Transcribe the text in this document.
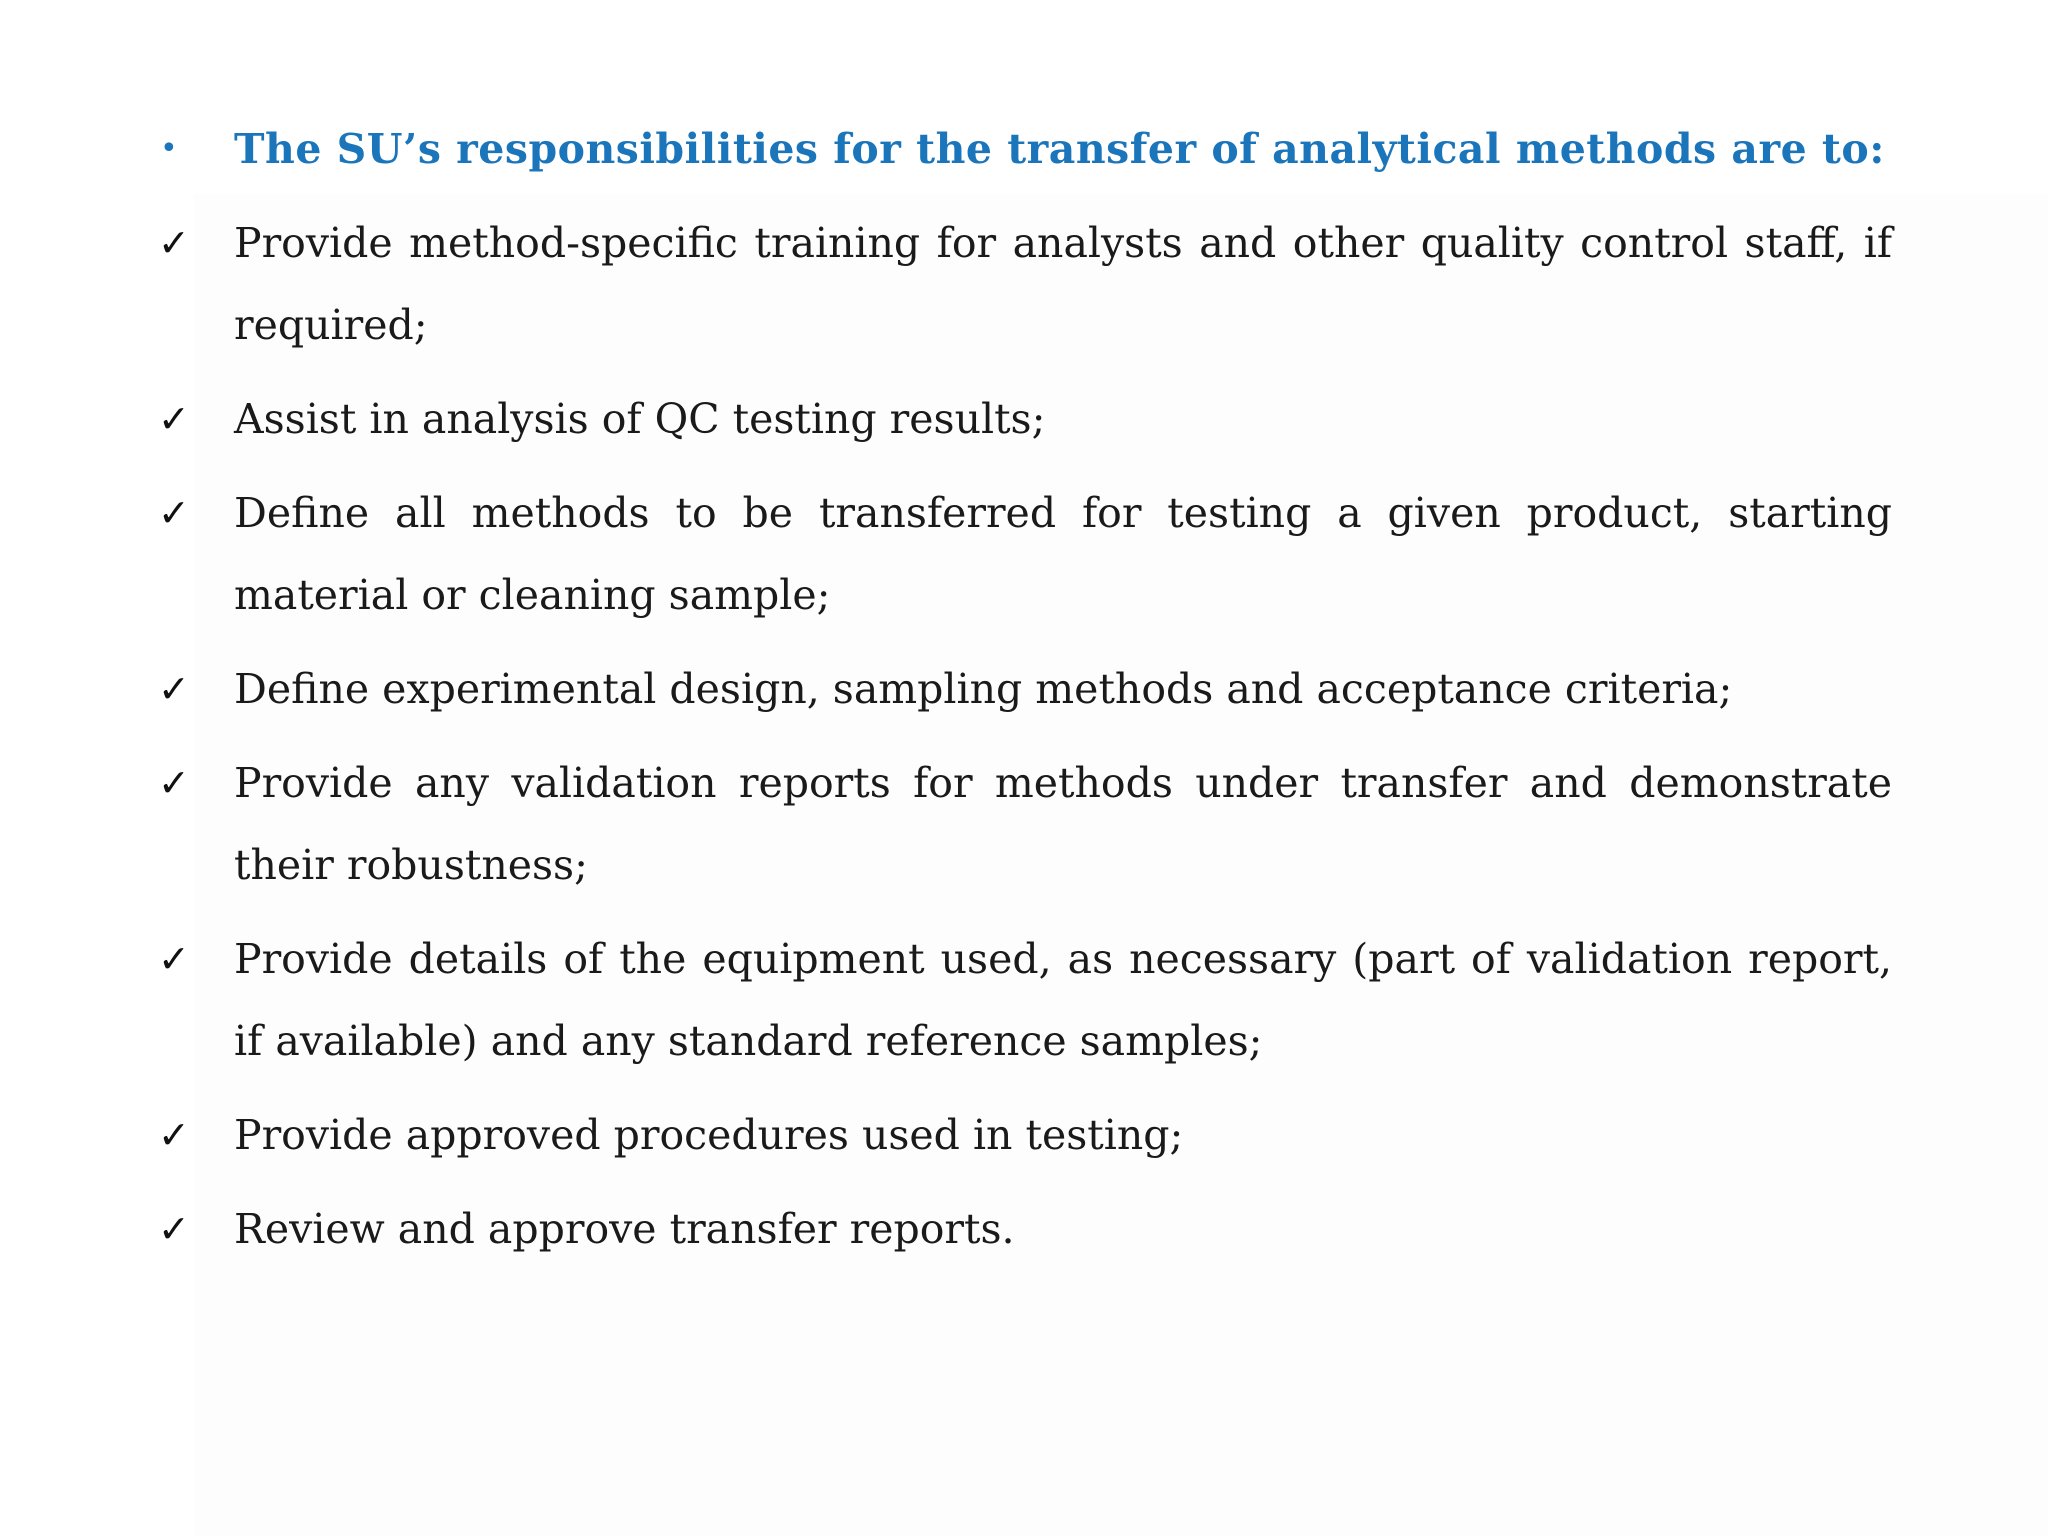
•	The SU’s responsibilities for the transfer of analytical methods are to:
✓	Provide method-specific training for analysts and other quality control staff, if required;
✓	Assist in analysis of QC testing results;
✓	Define all methods to be transferred for testing a given product, starting material or cleaning sample;
✓	Define experimental design, sampling methods and acceptance criteria;
✓	Provide any validation reports for methods under transfer and demonstrate their robustness;
✓	Provide details of the equipment used, as necessary (part of validation report, if available) and any standard reference samples;
✓	Provide approved procedures used in testing;
✓	Review and approve transfer reports.
